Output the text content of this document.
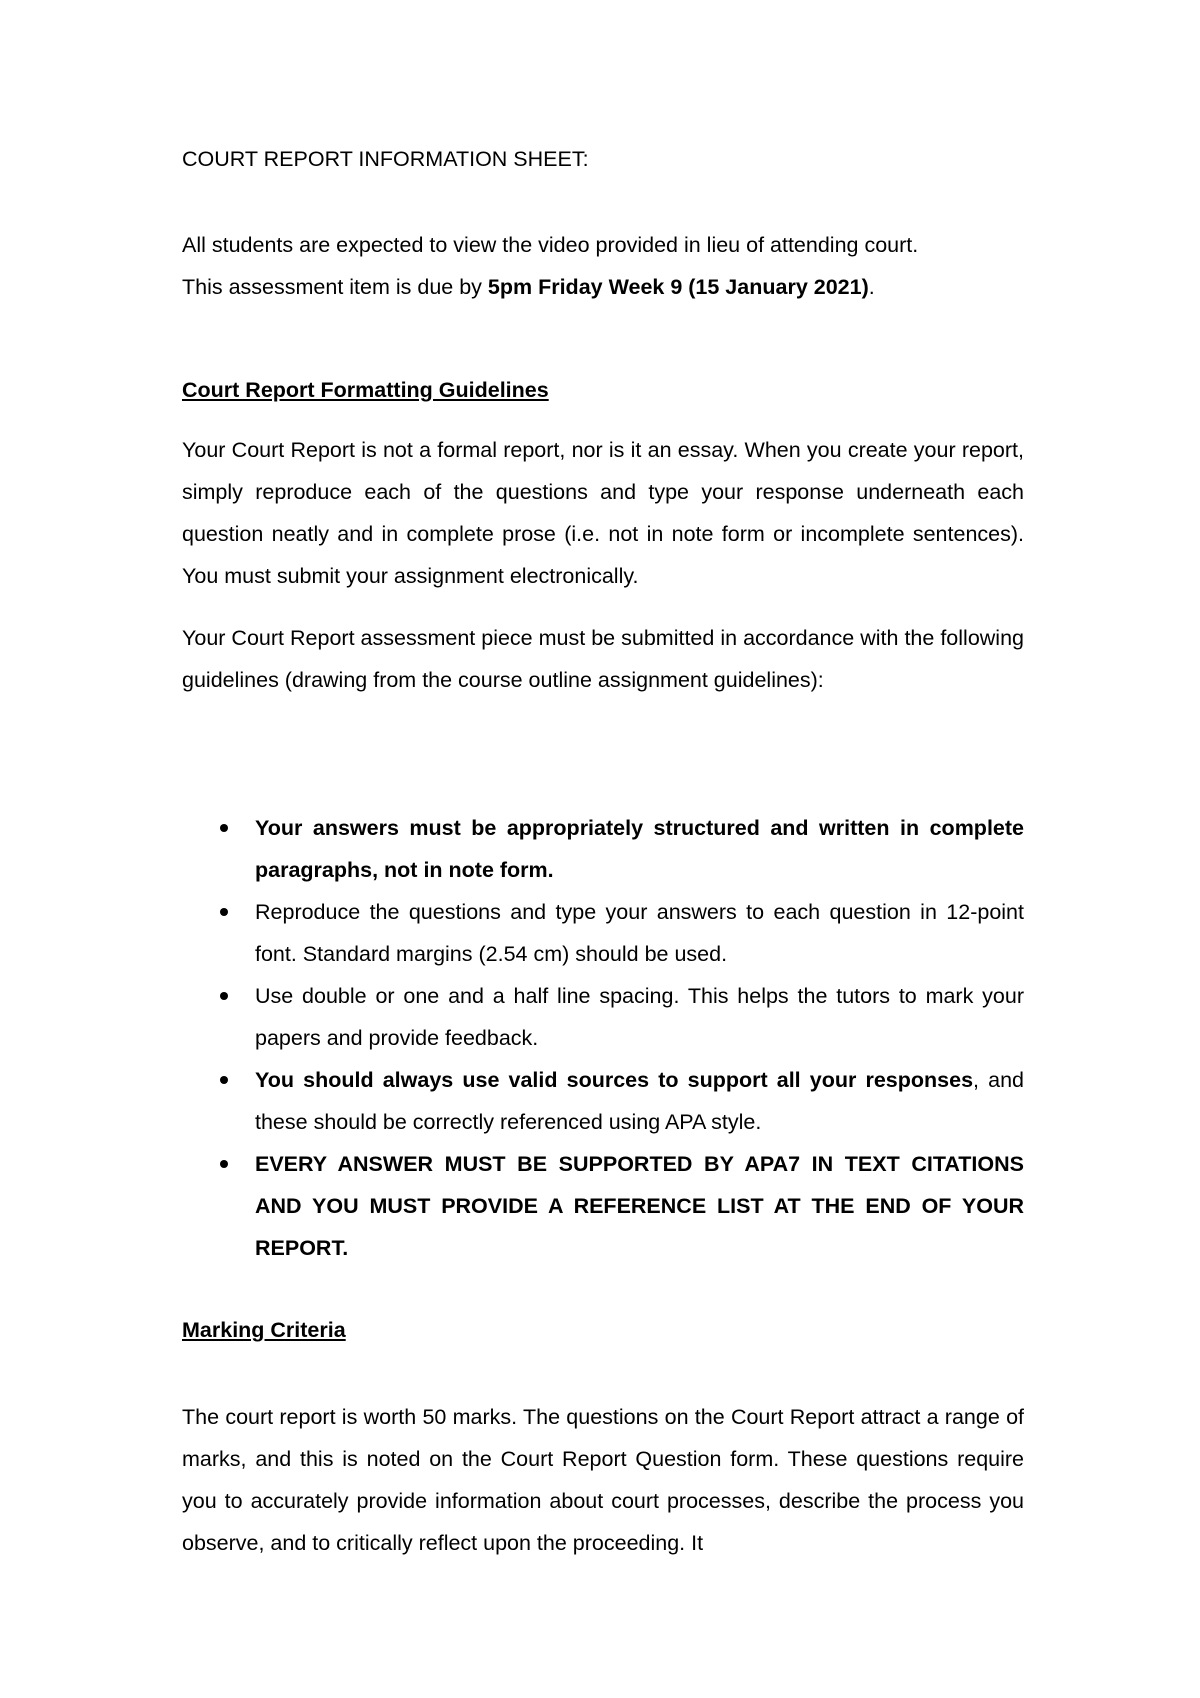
COURT REPORT INFORMATION SHEET:
All students are expected to view the video provided in lieu of attending court.
This assessment item is due by 5pm Friday Week 9 (15 January 2021).
Court Report Formatting Guidelines
Your Court Report is not a formal report, nor is it an essay. When you create your report, simply reproduce each of the questions and type your response underneath each question neatly and in complete prose (i.e. not in note form or incomplete sentences). You must submit your assignment electronically.
Your Court Report assessment piece must be submitted in accordance with the following guidelines (drawing from the course outline assignment guidelines):
Your answers must be appropriately structured and written in complete paragraphs, not in note form.
Reproduce the questions and type your answers to each question in 12-point font. Standard margins (2.54 cm) should be used.
Use double or one and a half line spacing. This helps the tutors to mark your papers and provide feedback.
You should always use valid sources to support all your responses, and these should be correctly referenced using APA style.
EVERY ANSWER MUST BE SUPPORTED BY APA7 IN TEXT CITATIONS AND YOU MUST PROVIDE A REFERENCE LIST AT THE END OF YOUR REPORT.
Marking Criteria
The court report is worth 50 marks. The questions on the Court Report attract a range of marks, and this is noted on the Court Report Question form. These questions require you to accurately provide information about court processes, describe the process you observe, and to critically reflect upon the proceeding. It
